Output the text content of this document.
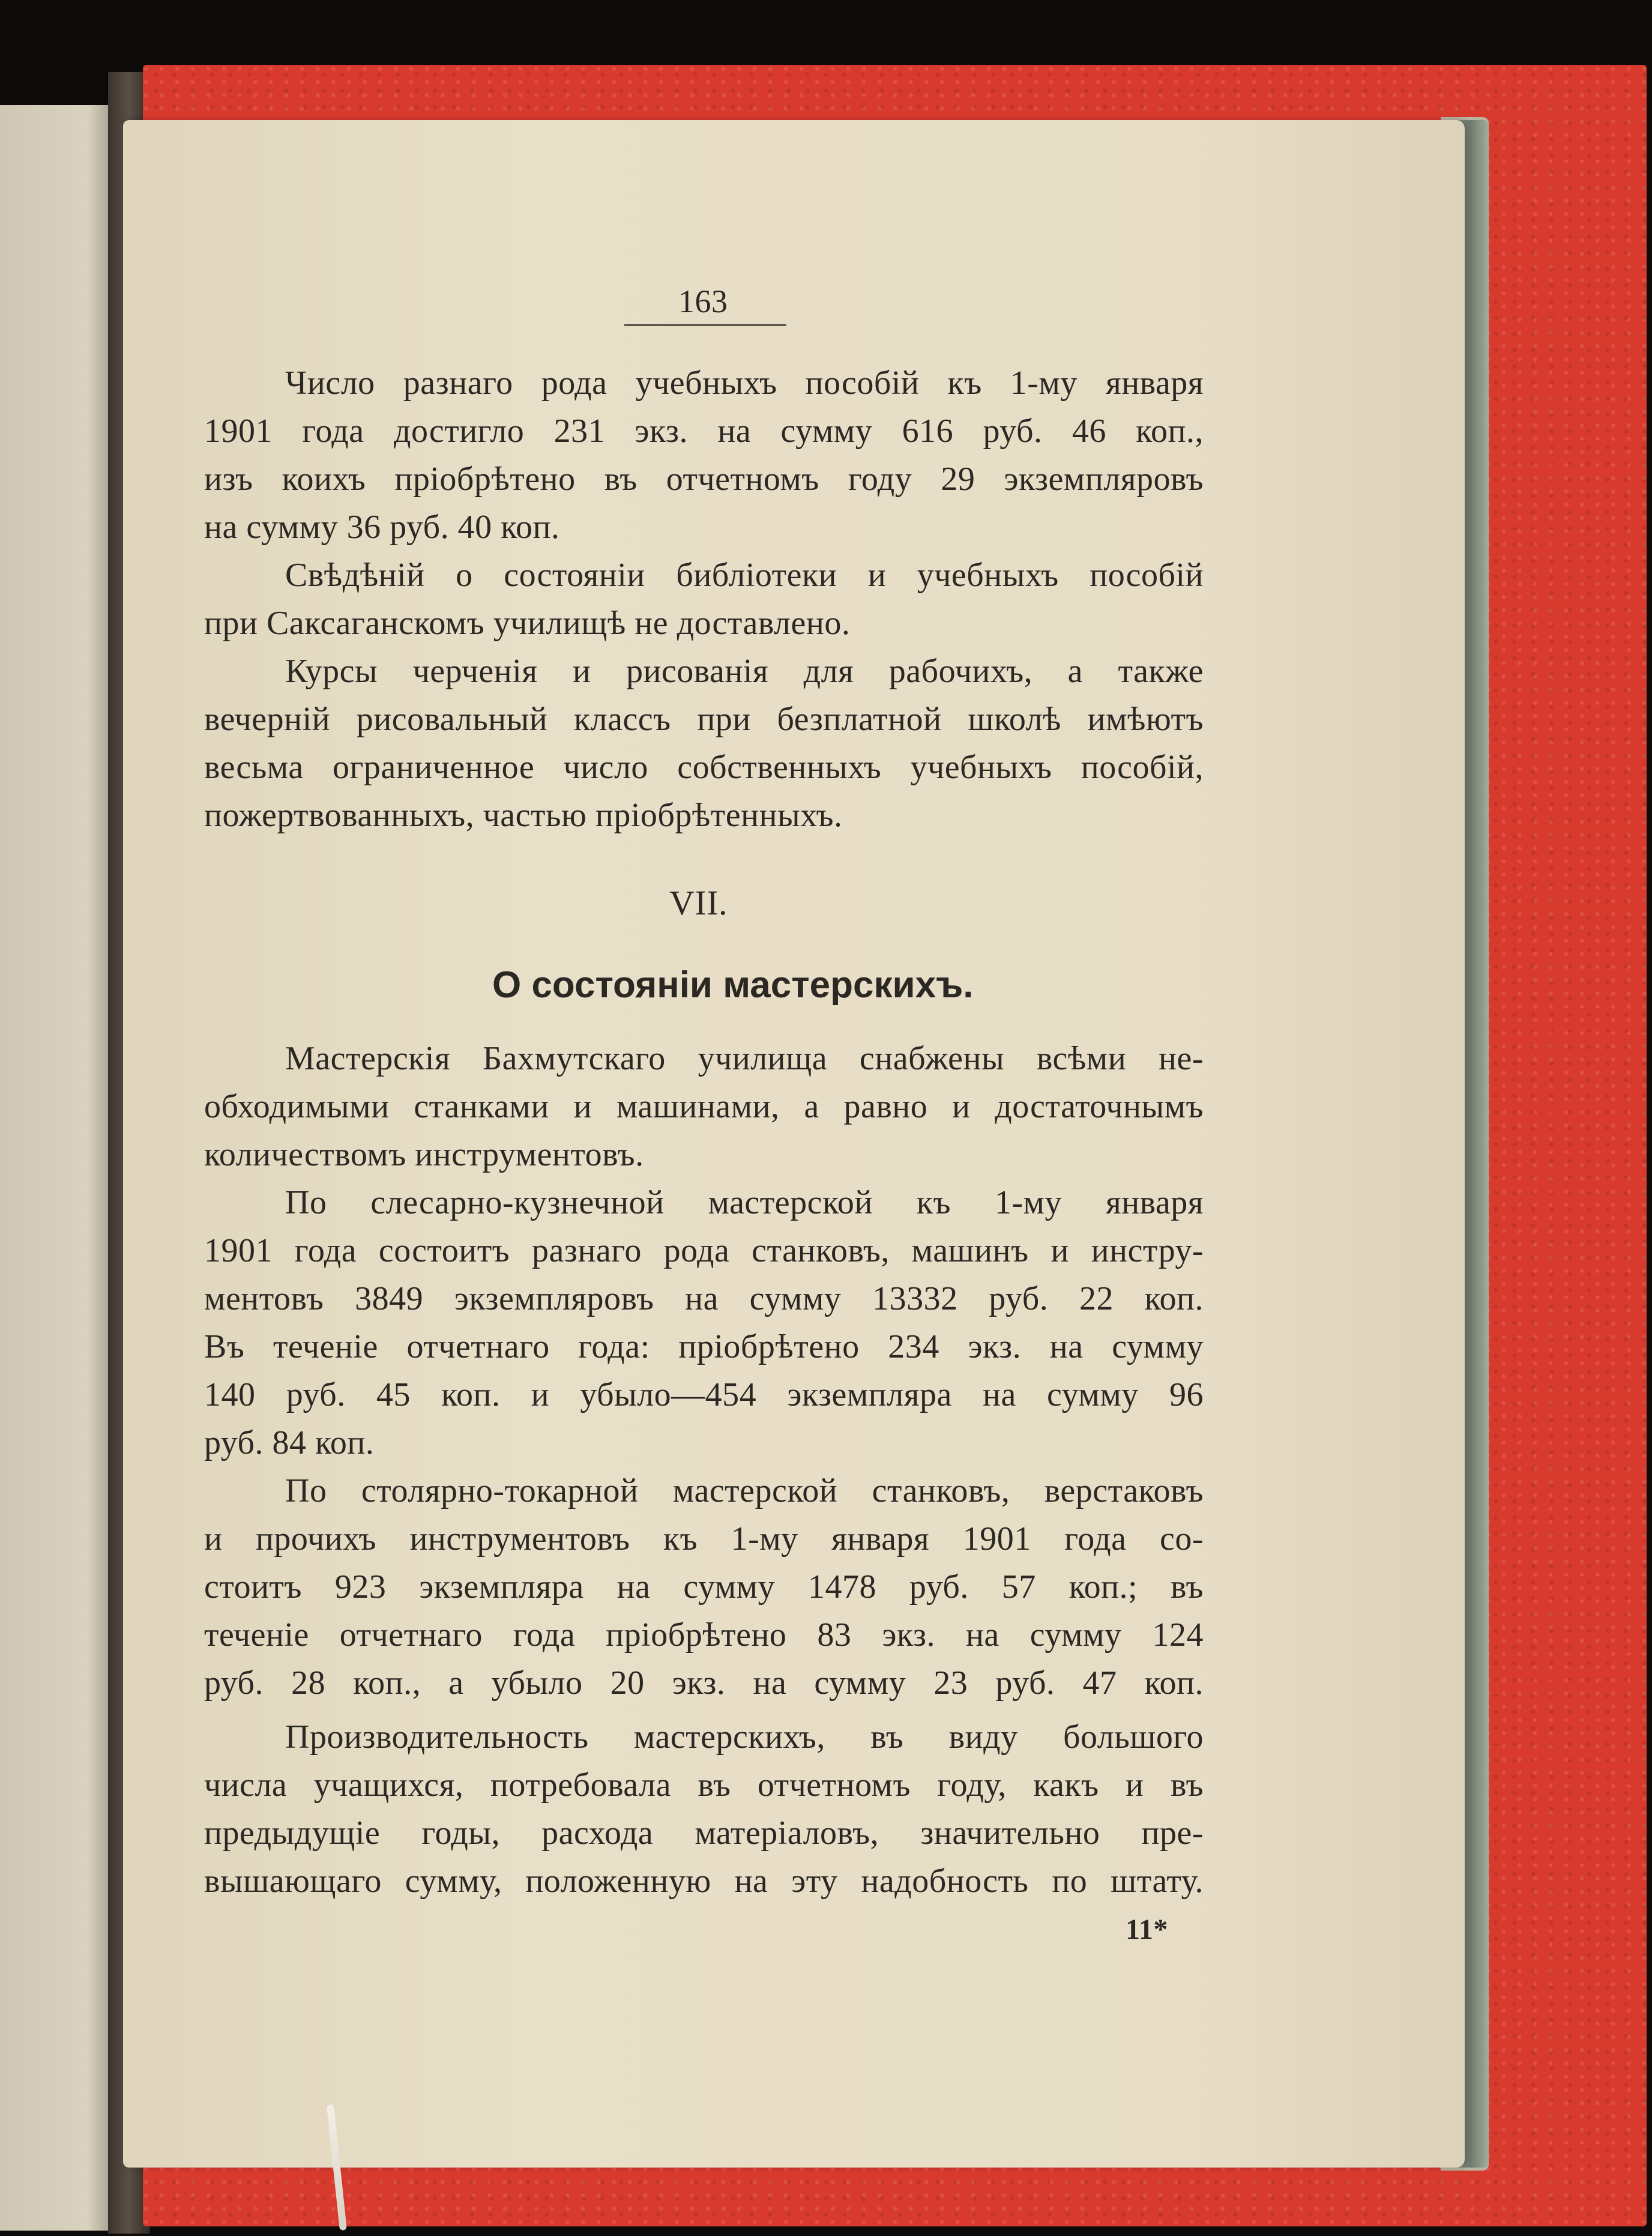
163
Число разнаго рода учебныхъ пособій къ 1-му января
1901 года достигло 231 экз. на сумму 616 руб. 46 коп.,
изъ коихъ пріобрѣтено въ отчетномъ году 29 экземпляровъ
на сумму 36 руб. 40 коп.
Свѣдѣній о состояніи библіотеки и учебныхъ пособій
при Саксаганскомъ училищѣ не доставлено.
Курсы черченія и рисованія для рабочихъ, а также
вечерній рисовальный классъ при безплатной школѣ имѣютъ
весьма ограниченное число собственныхъ учебныхъ пособій,
пожертвованныхъ, частью пріобрѣтенныхъ.
VII.
О состояніи мастерскихъ.
Мастерскія Бахмутскаго училища снабжены всѣми не-
обходимыми станками и машинами, а равно и достаточнымъ
количествомъ инструментовъ.
По слесарно-кузнечной мастерской къ 1-му января
1901 года состоитъ разнаго рода станковъ, машинъ и инстру-
ментовъ 3849 экземпляровъ на сумму 13332 руб. 22 коп.
Въ теченіе отчетнаго года: пріобрѣтено 234 экз. на сумму
140 руб. 45 коп. и убыло—454 экземпляра на сумму 96
руб. 84 коп.
По столярно-токарной мастерской станковъ, верстаковъ
и прочихъ инструментовъ къ 1-му января 1901 года со-
стоитъ 923 экземпляра на сумму 1478 руб. 57 коп.; въ
теченіе отчетнаго года пріобрѣтено 83 экз. на сумму 124
руб. 28 коп., а убыло 20 экз. на сумму 23 руб. 47 коп.
Производительность мастерскихъ, въ виду большого
числа учащихся, потребовала въ отчетномъ году, какъ и въ
предыдущіе годы, расхода матеріаловъ, значительно пре-
вышающаго сумму, положенную на эту надобность по штату.
11*
